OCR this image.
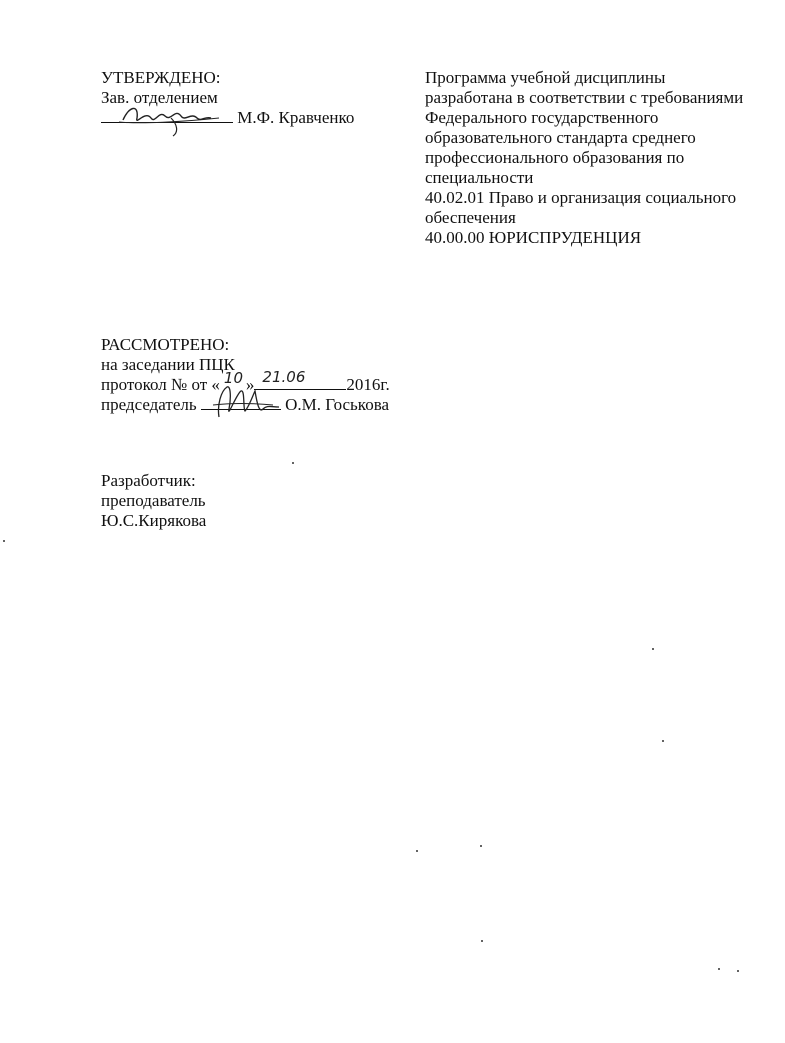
УТВЕРЖДЕНО:
Зав. отделением
М.Ф. Кравченко
Программа учебной дисциплины
разработана в соответствии с требованиями
Федерального государственного
образовательного стандарта среднего
профессионального образования по
специальности
40.02.01 Право и организация социального
обеспечения
40.00.00 ЮРИСПРУДЕНЦИЯ
РАССМОТРЕНО:
на заседании ПЦК
протокол № от « 10 » 21.06 2016г.
председатель	О.М. Госькова
Разработчик:
преподаватель
Ю.С.Кирякова
